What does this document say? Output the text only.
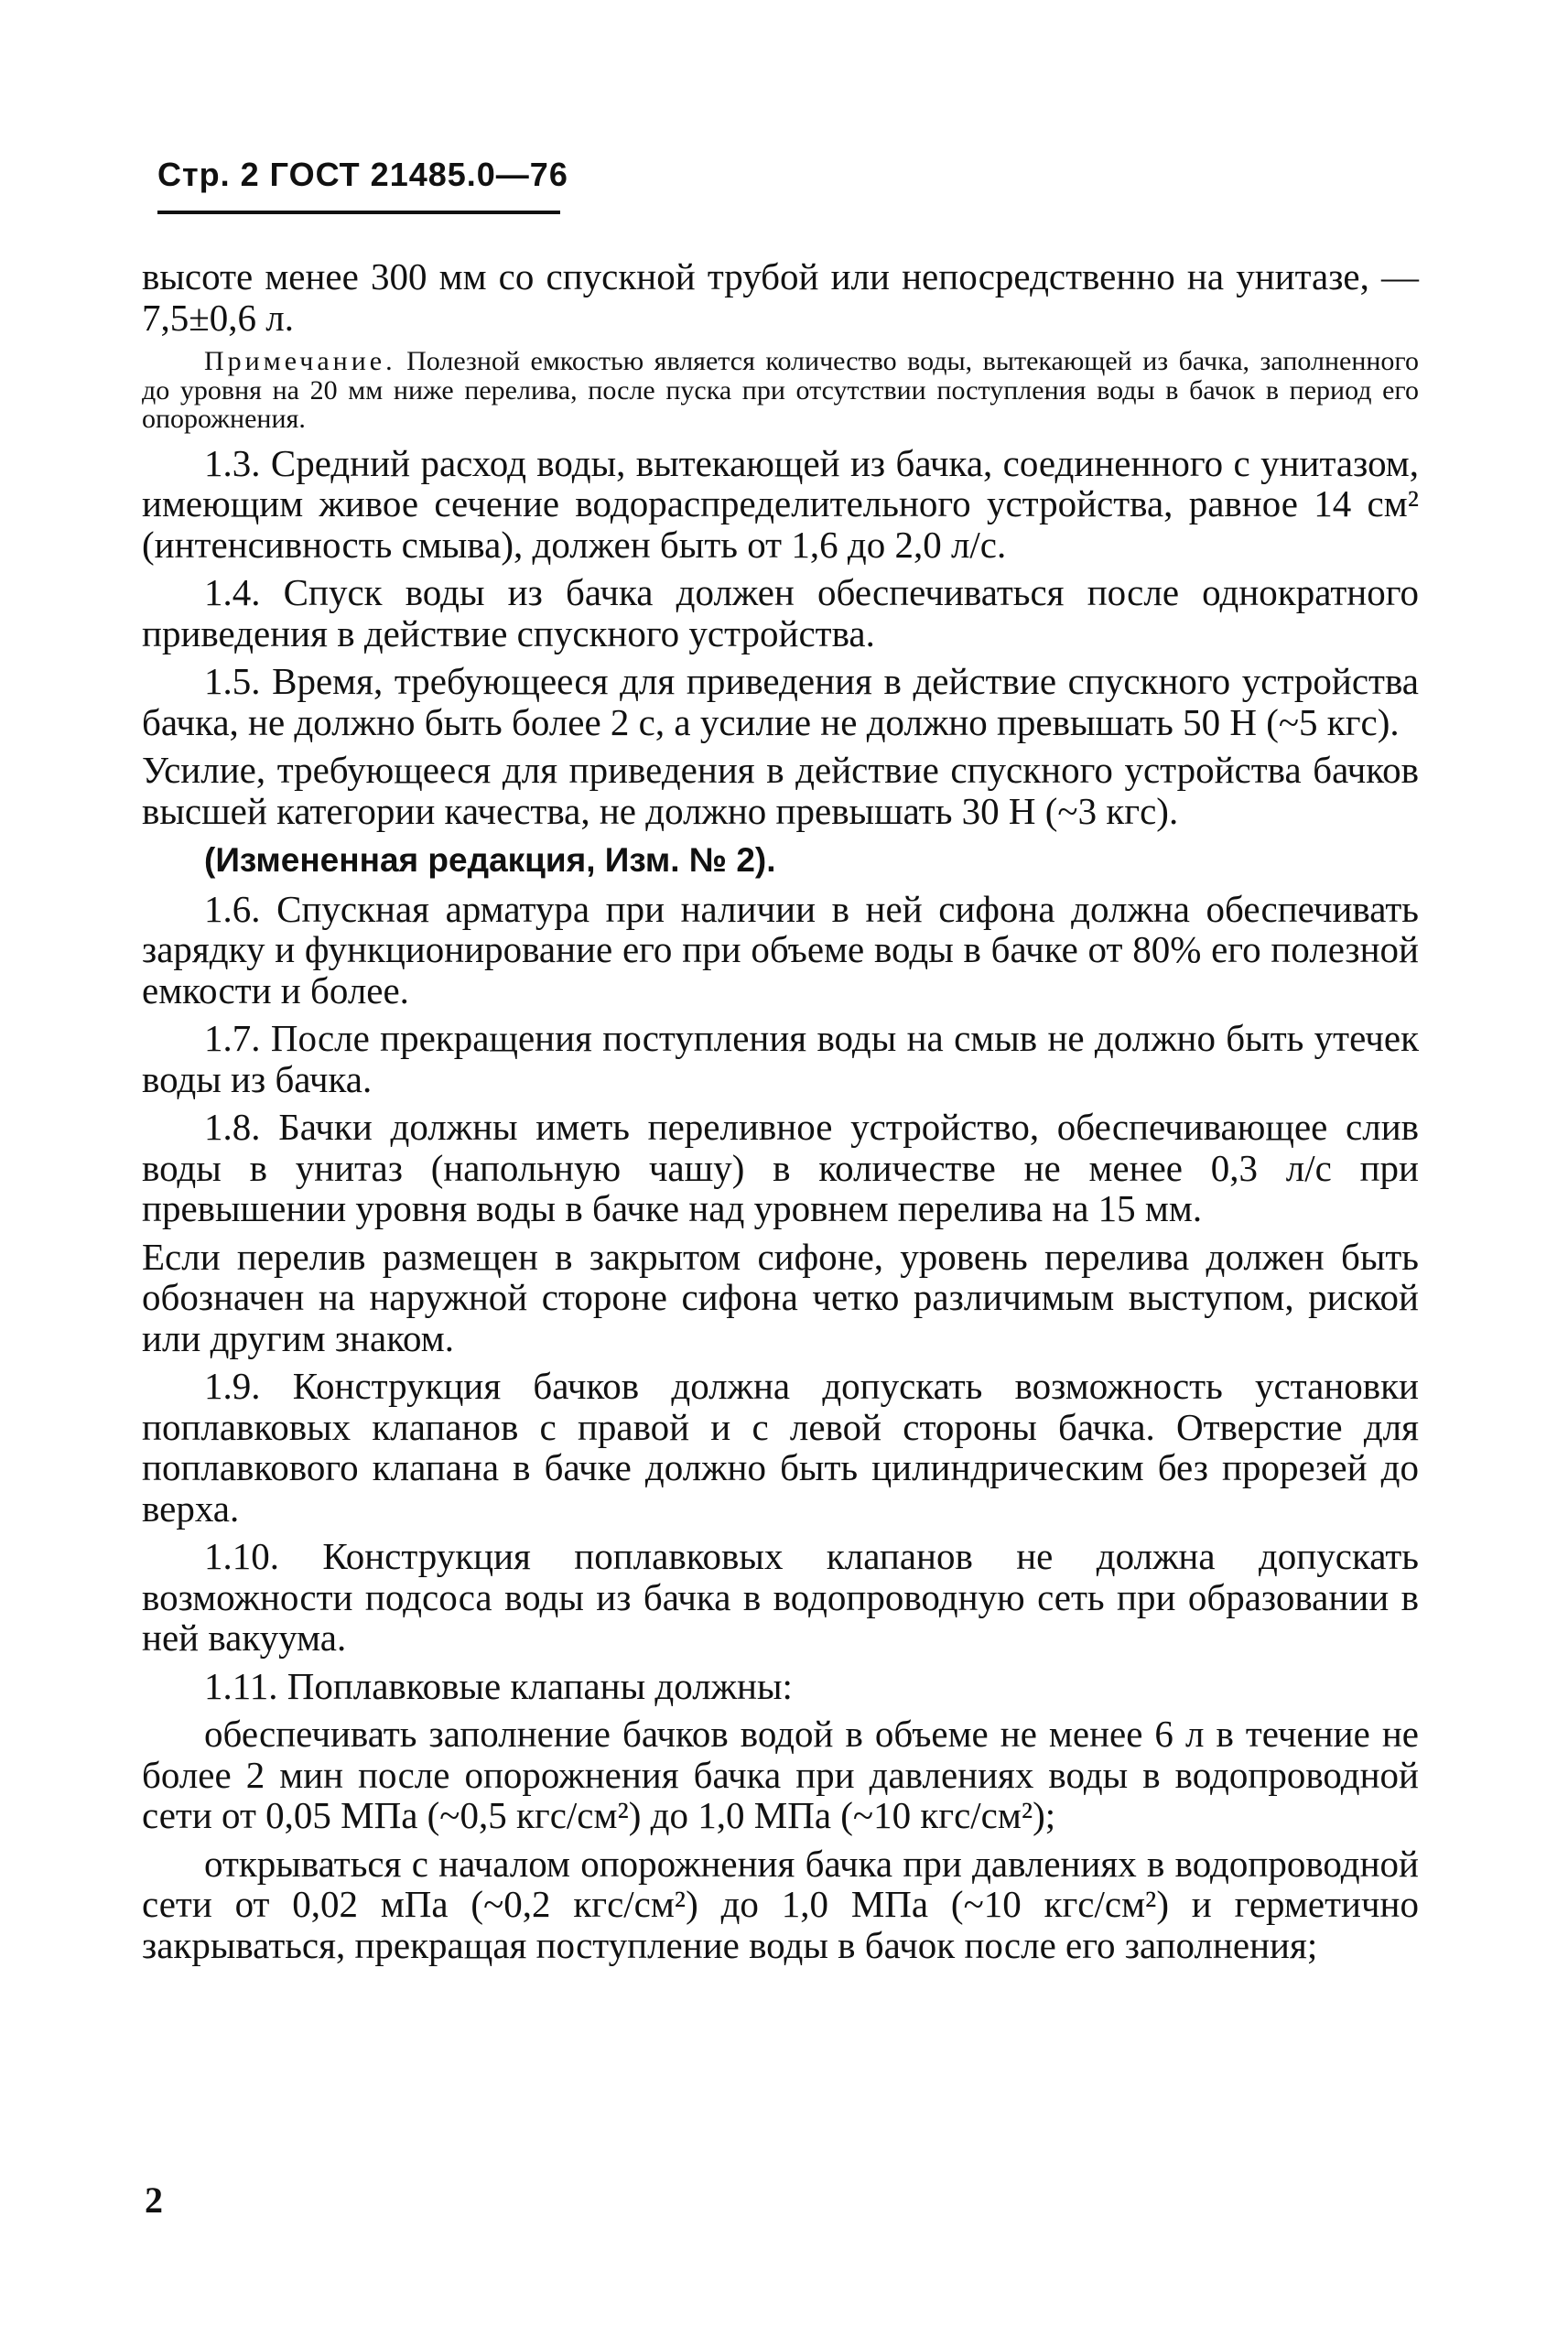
Стр. 2 ГОСТ 21485.0—76

высоте менее 300 мм со спускной трубой или непосредственно на унитазе, — 7,5±0,6 л.

Примечание. Полезной емкостью является количество воды, вытекающей из бачка, заполненного до уровня на 20 мм ниже перелива, после пуска при отсутствии поступления воды в бачок в период его опорожнения.

1.3. Средний расход воды, вытекающей из бачка, соединенного с унитазом, имеющим живое сечение водораспределительного устройства, равное 14 см² (интенсивность смыва), должен быть от 1,6 до 2,0 л/с.

1.4. Спуск воды из бачка должен обеспечиваться после однократного приведения в действие спускного устройства.

1.5. Время, требующееся для приведения в действие спускного устройства бачка, не должно быть более 2 с, а усилие не должно превышать 50 Н (~5 кгс).

Усилие, требующееся для приведения в действие спускного устройства бачков высшей категории качества, не должно превышать 30 Н (~3 кгс).

(Измененная редакция, Изм. № 2).

1.6. Спускная арматура при наличии в ней сифона должна обеспечивать зарядку и функционирование его при объеме воды в бачке от 80% его полезной емкости и более.

1.7. После прекращения поступления воды на смыв не должно быть утечек воды из бачка.

1.8. Бачки должны иметь переливное устройство, обеспечивающее слив воды в унитаз (напольную чашу) в количестве не менее 0,3 л/с при превышении уровня воды в бачке над уровнем перелива на 15 мм.

Если перелив размещен в закрытом сифоне, уровень перелива должен быть обозначен на наружной стороне сифона четко различимым выступом, риской или другим знаком.

1.9. Конструкция бачков должна допускать возможность установки поплавковых клапанов с правой и с левой стороны бачка. Отверстие для поплавкового клапана в бачке должно быть цилиндрическим без прорезей до верха.

1.10. Конструкция поплавковых клапанов не должна допускать возможности подсоса воды из бачка в водопроводную сеть при образовании в ней вакуума.

1.11. Поплавковые клапаны должны:

обеспечивать заполнение бачков водой в объеме не менее 6 л в течение не более 2 мин после опорожнения бачка при давлениях воды в водопроводной сети от 0,05 МПа (~0,5 кгс/см²) до 1,0 МПа (~10 кгс/см²);

открываться с началом опорожнения бачка при давлениях в водопроводной сети от 0,02 мПа (~0,2 кгс/см²) до 1,0 МПа (~10 кгс/см²) и герметично закрываться, прекращая поступление воды в бачок после его заполнения;

2
